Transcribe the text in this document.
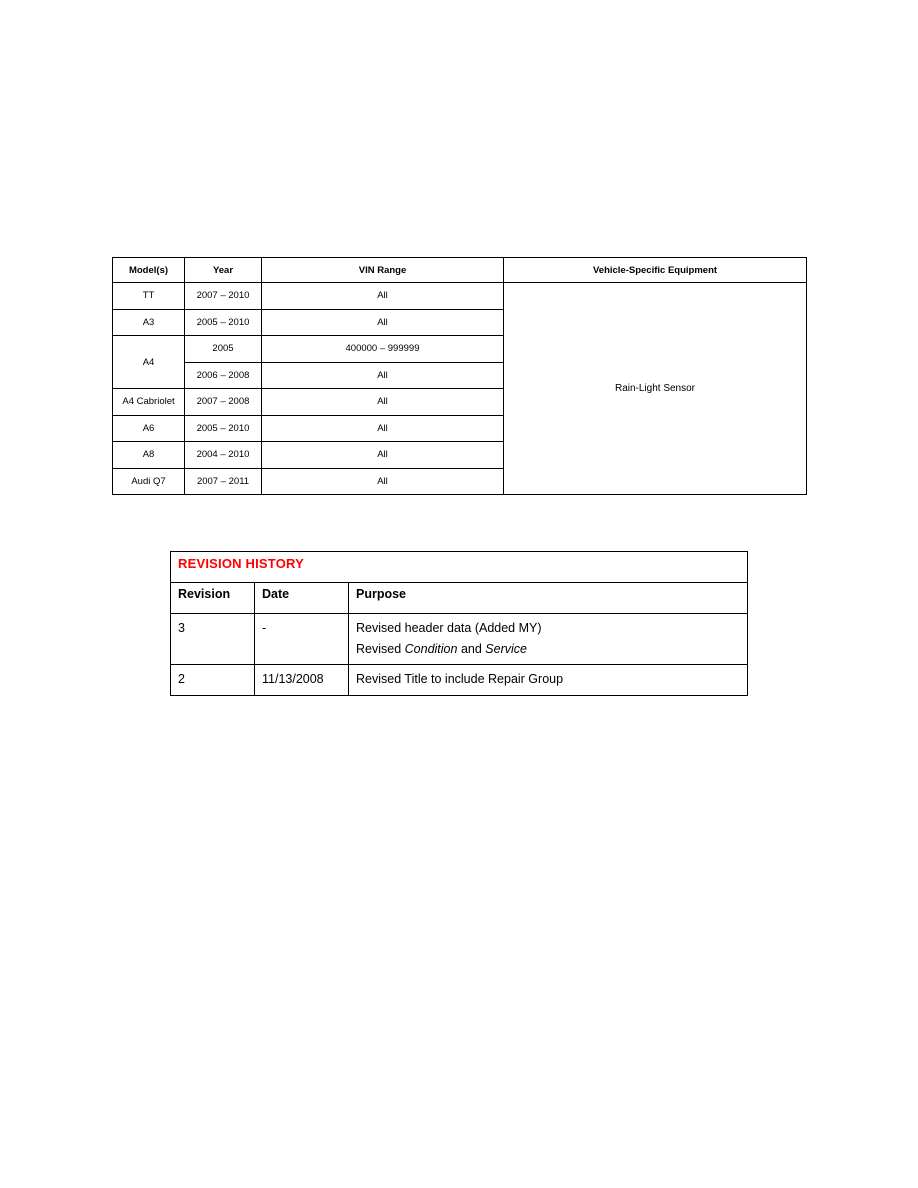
Model(s)	Year	VIN Range	Vehicle-Specific Equipment
TT	2007 – 2010	All	Rain-Light Sensor
A3	2005 – 2010	All	
A4	2005	400000 – 999999	
	2006 – 2008	All	
A4 Cabriolet	2007 – 2008	All	
A6	2005 – 2010	All	
A8	2004 – 2010	All	
Audi Q7	2007 – 2011	All	
REVISION HISTORY		
Revision	Date	Purpose
3	-	Revised header data (Added MY)
Revised Condition and Service

2	11/13/2008	Revised Title to include Repair Group
